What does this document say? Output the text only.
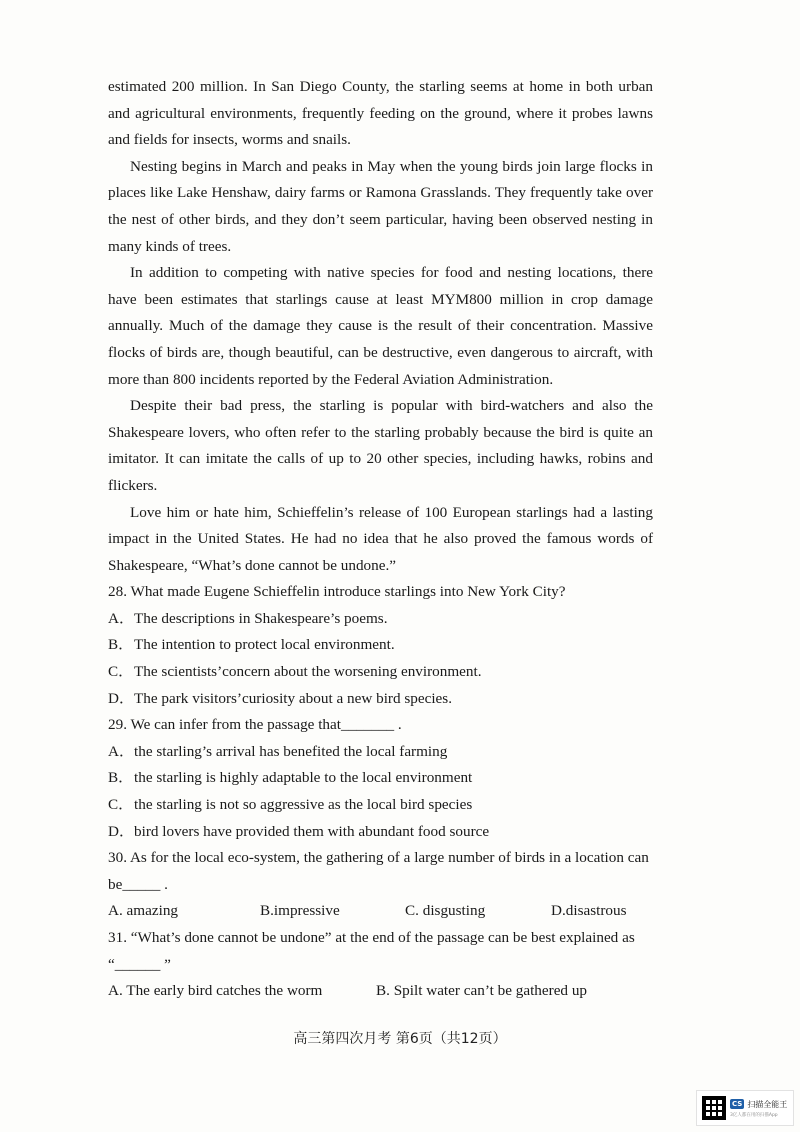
estimated 200 million. In San Diego County, the starling seems at home in both urban and agricultural environments, frequently feeding on the ground, where it probes lawns and fields for insects, worms and snails.

Nesting begins in March and peaks in May when the young birds join large flocks in places like Lake Henshaw, dairy farms or Ramona Grasslands. They frequently take over the nest of other birds, and they don’t seem particular, having been observed nesting in many kinds of trees.

In addition to competing with native species for food and nesting locations, there have been estimates that starlings cause at least MYM800 million in crop damage annually. Much of the damage they cause is the result of their concentration. Massive flocks of birds are, though beautiful, can be destructive, even dangerous to aircraft, with more than 800 incidents reported by the Federal Aviation Administration.

Despite their bad press, the starling is popular with bird-watchers and also the Shakespeare lovers, who often refer to the starling probably because the bird is quite an imitator. It can imitate the calls of up to 20 other species, including hawks, robins and flickers.

Love him or hate him, Schieffelin’s release of 100 European starlings had a lasting impact in the United States. He had no idea that he also proved the famous words of Shakespeare, “What’s done cannot be undone.”

28. What made Eugene Schieffelin introduce starlings into New York City?

A．The descriptions in Shakespeare’s poems.

B．The intention to protect local environment.

C．The scientists’concern about the worsening environment.

D．The park visitors’curiosity about a new bird species.

29. We can infer from the passage that_______ .

A．the starling’s arrival has benefited the local farming

B．the starling is highly adaptable to the local environment

C．the starling is not so aggressive as the local bird species

D．bird lovers have provided them with abundant food source

30. As for the local eco-system, the gathering of a large number of birds in a location can be_____ .

A. amazing	B.impressive	C. disgusting	D.disastrous

31. “What’s done cannot be undone” at the end of the passage can be best explained as “______ ”

A. The early bird catches the worm	B. Spilt water can’t be gathered up
高三第四次月考 第6页（共12页）
CS 扫描全能王
3亿人都在用的扫描App
